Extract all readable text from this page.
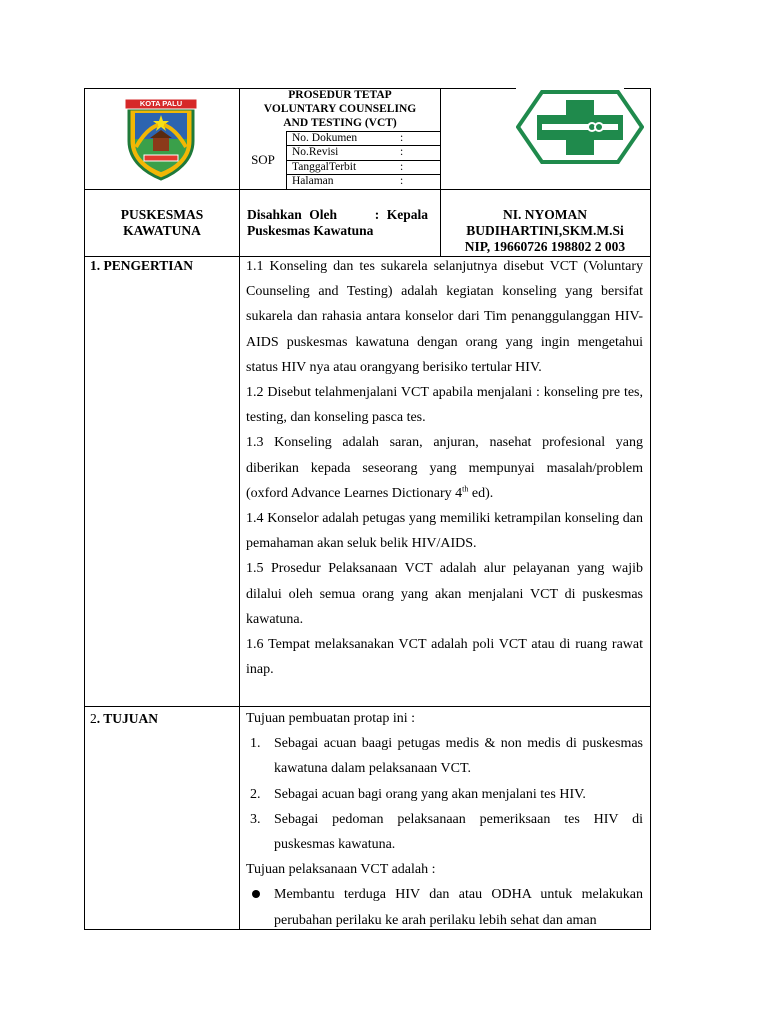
KOTA PALU
PROSEDUR TETAP
VOLUNTARY COUNSELING
AND TESTING (VCT)
SOP
No. Dokumen	:
No.Revisi	:
TanggalTerbit	:
Halaman	:
PUSKESMAS
KAWATUNA
Disahkan Oleh     : Kepala Puskesmas Kawatuna
NI. NYOMAN
BUDIHARTINI,SKM.M.Si
NIP, 19660726 198802 2 003
1. PENGERTIAN	1.1 Konseling dan tes sukarela selanjutnya disebut VCT (Voluntary Counseling and Testing) adalah kegiatan konseling yang bersifat sukarela dan rahasia antara konselor dari Tim penanggulanggan HIV-AIDS puskesmas kawatuna dengan orang yang ingin mengetahui status HIV nya atau orangyang berisiko tertular HIV.

1.2 Disebut telahmenjalani VCT apabila menjalani : konseling pre tes, testing, dan konseling pasca tes.

1.3 Konseling adalah saran, anjuran, nasehat profesional yang diberikan kepada seseorang yang mempunyai masalah/problem (oxford Advance Learnes Dictionary 4th ed).

1.4 Konselor adalah petugas yang memiliki ketrampilan konseling dan pemahaman akan seluk belik HIV/AIDS.

1.5 Prosedur Pelaksanaan VCT adalah alur pelayanan yang wajib dilalui oleh semua orang yang akan menjalani VCT di puskesmas kawatuna.

1.6 Tempat melaksanakan VCT adalah poli VCT atau di ruang rawat inap.

2. TUJUAN	Tujuan pembuatan protap ini :

1. Sebagai acuan baagi petugas medis & non medis di puskesmas kawatuna dalam pelaksanaan VCT.
2. Sebagai acuan bagi orang yang akan menjalani tes HIV.
3. Sebagai pedoman pelaksanaan pemeriksaan tes HIV di puskesmas kawatuna.

Tujuan pelaksanaan VCT adalah :

Membantu terduga HIV dan atau ODHA untuk melakukan perubahan perilaku ke arah perilaku lebih sehat dan aman
